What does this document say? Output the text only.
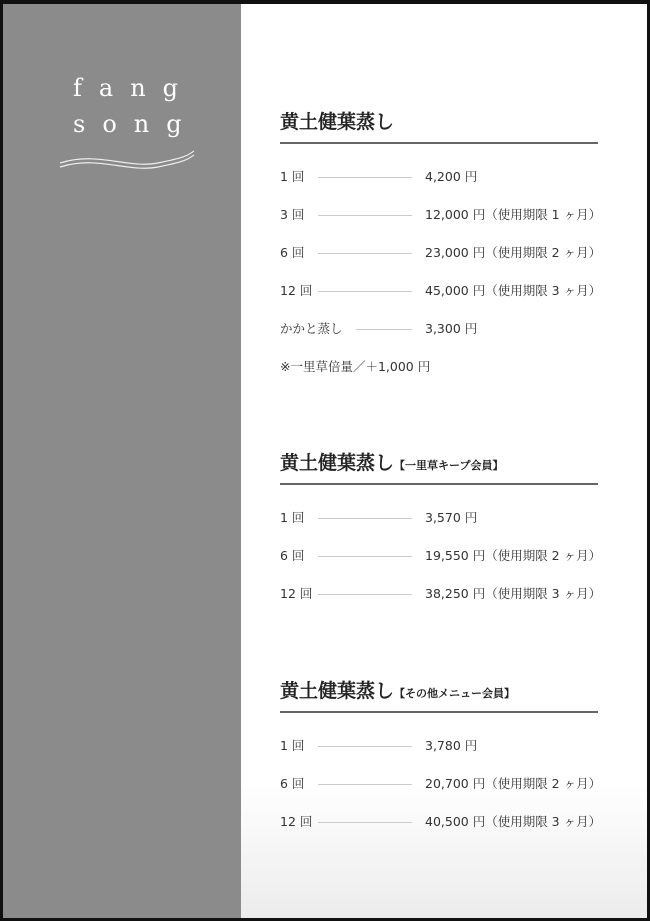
fang
song	黄土健葉蒸し
1 回	4,200 円
3 回	12,000 円（使用期限 1 ヶ月）
6 回	23,000 円（使用期限 2 ヶ月）
12 回	45,000 円（使用期限 3 ヶ月）
かかと蒸し	3,300 円
※一里草倍量／＋1,000 円
黄土健葉蒸し【一里草キープ会員】
1 回	3,570 円
6 回	19,550 円（使用期限 2 ヶ月）
12 回	38,250 円（使用期限 3 ヶ月）
黄土健葉蒸し【その他メニュー会員】
1 回	3,780 円
6 回	20,700 円（使用期限 2 ヶ月）
12 回	40,500 円（使用期限 3 ヶ月）
